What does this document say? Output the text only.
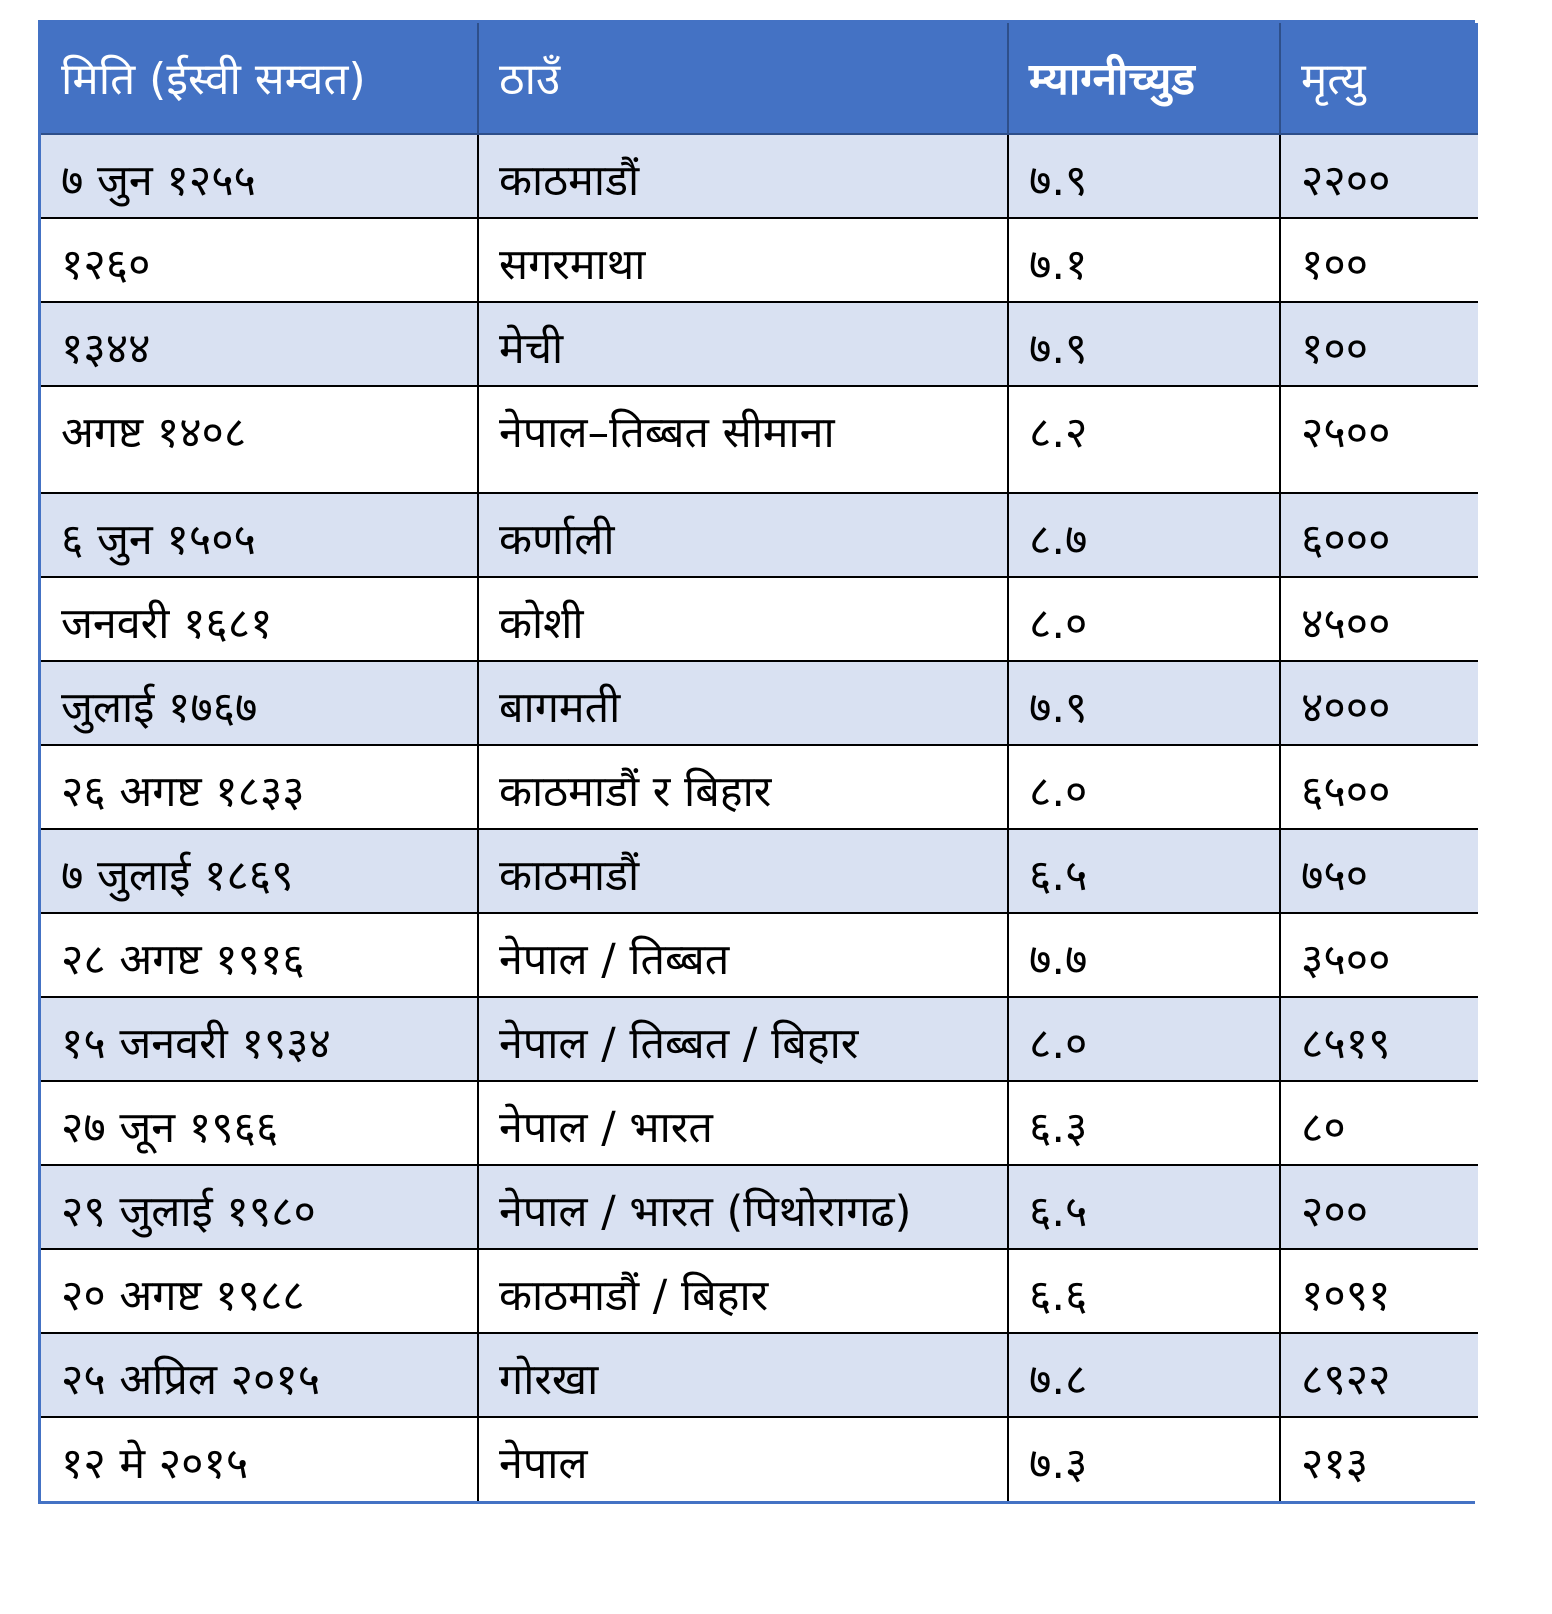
मिति (ईस्वी सम्वत)	ठाउँ	म्याग्नीच्युड	मृत्यु
७ जुन १२५५	काठमाडौं	७.९	२२००
१२६०	सगरमाथा	७.१	१००
१३४४	मेची	७.९	१००
अगष्ट १४०८	नेपाल–तिब्बत सीमाना	८.२	२५००
६ जुन १५०५	कर्णाली	८.७	६०००
जनवरी १६८१	कोशी	८.०	४५००
जुलाई १७६७	बागमती	७.९	४०००
२६ अगष्ट १८३३	काठमाडौं र बिहार	८.०	६५००
७ जुलाई १८६९	काठमाडौं	६.५	७५०
२८ अगष्ट १९१६	नेपाल / तिब्बत	७.७	३५००
१५ जनवरी १९३४	नेपाल / तिब्बत / बिहार	८.०	८५१९
२७ जून १९६६	नेपाल / भारत	६.३	८०
२९ जुलाई १९८०	नेपाल / भारत (पिथोरागढ)	६.५	२००
२० अगष्ट १९८८	काठमाडौं / बिहार	६.६	१०९१
२५ अप्रिल २०१५	गोरखा	७.८	८९२२
१२ मे २०१५	नेपाल	७.३	२१३
